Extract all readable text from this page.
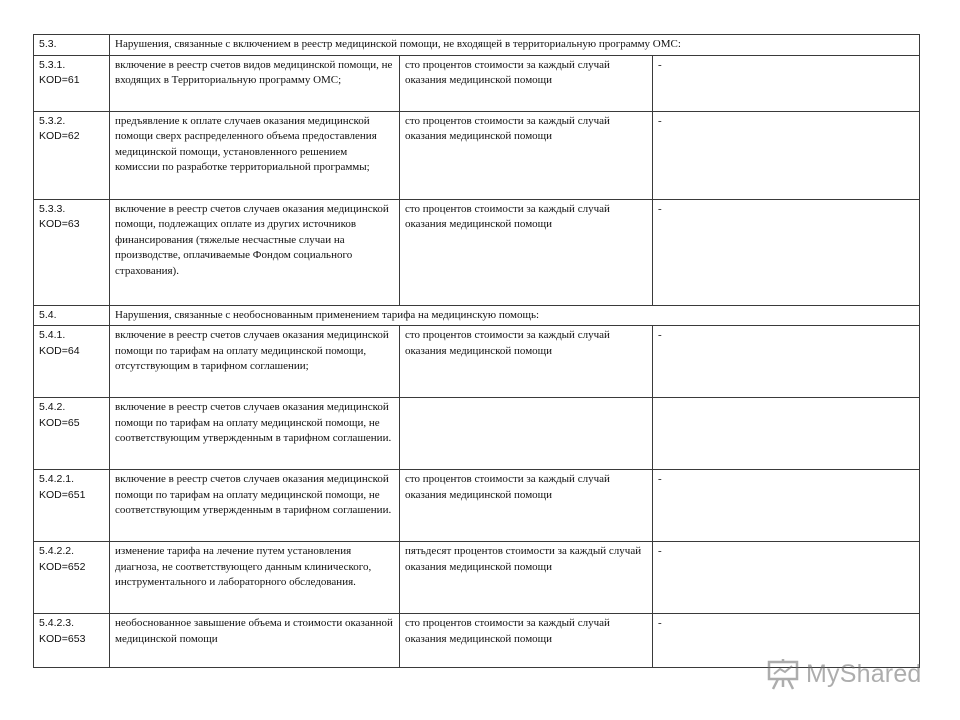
5.3.	Нарушения, связанные с включением в реестр медицинской помощи, не входящей в территориальную программу ОМС:		

5.3.1.
KOD=61	включение в реестр счетов видов медицинской помощи, не входящих в Территориальную программу ОМС;	сто процентов стоимости за каждый случай оказания медицинской помощи	-

5.3.2.
KOD=62	предъявление к оплате случаев оказания медицинской помощи сверх распределенного объема предоставления медицинской помощи, установленного решением комиссии по разработке территориальной программы;	сто процентов стоимости за каждый случай оказания медицинской помощи	-

5.3.3.
KOD=63	включение в реестр счетов случаев оказания медицинской помощи, подлежащих оплате из других источников финансирования (тяжелые несчастные случаи на производстве, оплачиваемые Фондом социального страхования).	сто процентов стоимости за каждый случай оказания медицинской помощи	-
5.4.	Нарушения, связанные с необоснованным применением тарифа на медицинскую помощь:		

5.4.1.
KOD=64	включение в реестр счетов случаев оказания медицинской помощи по тарифам на оплату медицинской помощи, отсутствующим в тарифном соглашении;	сто процентов стоимости за каждый случай оказания медицинской помощи	-

5.4.2.
KOD=65	включение в реестр счетов случаев оказания медицинской помощи по тарифам на оплату медицинской помощи, не соответствующим утвержденным в тарифном соглашении.		

5.4.2.1.
KOD=651	включение в реестр счетов случаев оказания медицинской помощи по тарифам на оплату медицинской помощи, не соответствующим утвержденным в тарифном соглашении.	сто процентов стоимости за каждый случай оказания медицинской помощи	-

5.4.2.2.
KOD=652	изменение тарифа на лечение путем установления диагноза, не соответствующего данным клинического, инструментального и лабораторного обследования.	пятьдесят процентов стоимости за каждый случай оказания медицинской помощи	-

5.4.2.3.
KOD=653	необоснованное завышение объема и стоимости оказанной медицинской помощи	сто процентов стоимости за каждый случай оказания медицинской помощи	-
MyShared
